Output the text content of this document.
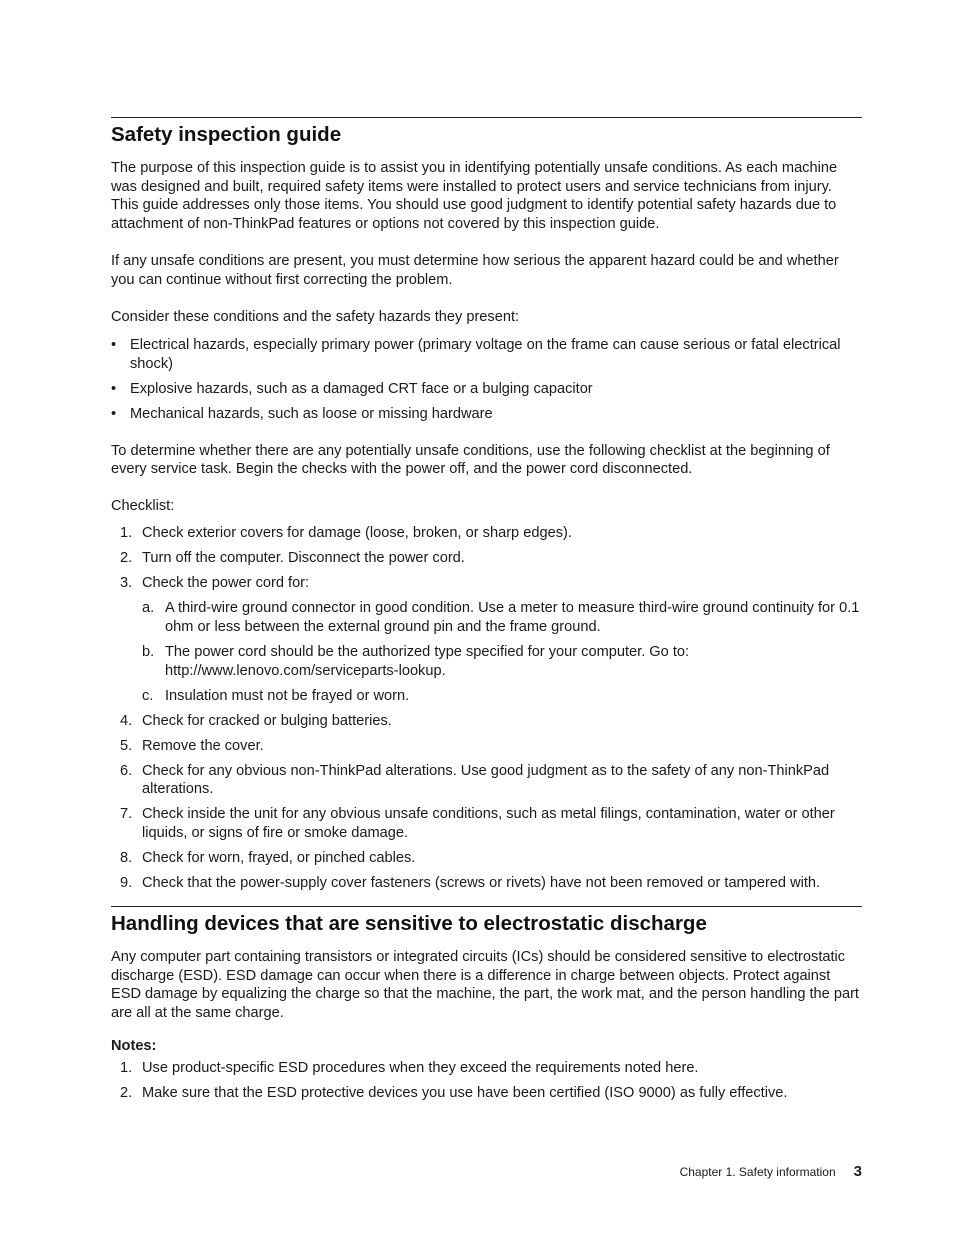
Safety inspection guide

The purpose of this inspection guide is to assist you in identifying potentially unsafe conditions. As each machine was designed and built, required safety items were installed to protect users and service technicians from injury. This guide addresses only those items. You should use good judgment to identify potential safety hazards due to attachment of non-ThinkPad features or options not covered by this inspection guide.

If any unsafe conditions are present, you must determine how serious the apparent hazard could be and whether you can continue without first correcting the problem.

Consider these conditions and the safety hazards they present:

• Electrical hazards, especially primary power (primary voltage on the frame can cause serious or fatal electrical shock)
• Explosive hazards, such as a damaged CRT face or a bulging capacitor
• Mechanical hazards, such as loose or missing hardware

To determine whether there are any potentially unsafe conditions, use the following checklist at the beginning of every service task. Begin the checks with the power off, and the power cord disconnected.

Checklist:

1. Check exterior covers for damage (loose, broken, or sharp edges).
2. Turn off the computer. Disconnect the power cord.
3. Check the power cord for:
a. A third-wire ground connector in good condition. Use a meter to measure third-wire ground continuity for 0.1 ohm or less between the external ground pin and the frame ground.
b. The power cord should be the authorized type specified for your computer. Go to: http://www.lenovo.com/serviceparts-lookup.
c. Insulation must not be frayed or worn.
4. Check for cracked or bulging batteries.
5. Remove the cover.
6. Check for any obvious non-ThinkPad alterations. Use good judgment as to the safety of any non-ThinkPad alterations.
7. Check inside the unit for any obvious unsafe conditions, such as metal filings, contamination, water or other liquids, or signs of fire or smoke damage.
8. Check for worn, frayed, or pinched cables.
9. Check that the power-supply cover fasteners (screws or rivets) have not been removed or tampered with.
Handling devices that are sensitive to electrostatic discharge

Any computer part containing transistors or integrated circuits (ICs) should be considered sensitive to electrostatic discharge (ESD). ESD damage can occur when there is a difference in charge between objects. Protect against ESD damage by equalizing the charge so that the machine, the part, the work mat, and the person handling the part are all at the same charge.

Notes:
1. Use product-specific ESD procedures when they exceed the requirements noted here.
2. Make sure that the ESD protective devices you use have been certified (ISO 9000) as fully effective.
Chapter 1. Safety information 3
